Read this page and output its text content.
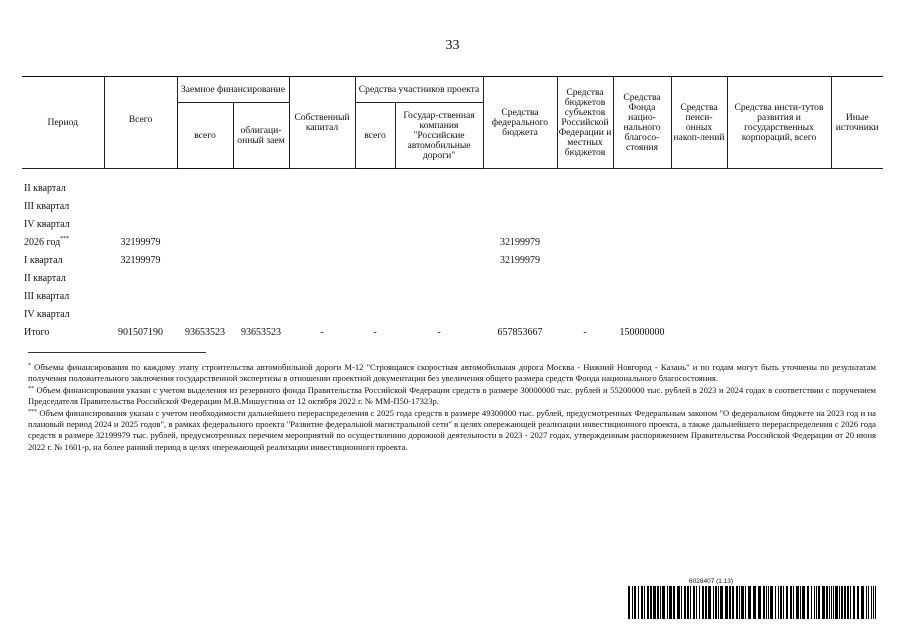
33
Период	Всего	Заемное финансирование		Собственный капитал	Средства участников проекта		Средства федерального бюджета	Средства бюджетов субъектов Российской Федерации и местных бюджетов	Средства Фонда нацио-нального благосо-стояния	Средства пенси-онных накоп-лений	Средства инсти-тутов развития и государственных корпораций, всего	Иные источники
		всего	облигаци-онный заем		всего	Государ-ственная компания "Российские автомобильные дороги"						
II квартал												
III квартал												
IV квартал												
2026 год***	32199979						32199979					
I квартал	32199979						32199979					
II квартал												
III квартал												
IV квартал												
Итого	901507190	93653523	93653523	-	-	-	657853667	-	150000000			

* Объемы финансирования по каждому этапу строительства автомобильной дороги М-12 "Строящаяся скоростная автомобильная дорога Москва - Нижний Новгород - Казань" и по годам могут быть уточнены по результатам получения положительного заключения государственной экспертизы в отношении проектной документации без увеличения общего размера средств Фонда национального благосостояния.

** Объем финансирования указан с учетом выделения из резервного фонда Правительства Российской Федерации средств в размере 30000000 тыс. рублей и 55200000 тыс. рублей в 2023 и 2024 годах в соответствии с поручением Председателя Правительства Российской Федерации М.В.Мишустина от 12 октября 2022 г. № ММ-П50-17323р.

*** Объем финансирования указан с учетом необходимости дальнейшего перераспределения с 2025 года средств в размере 49300000 тыс. рублей, предусмотренных Федеральным законом "О федеральном бюджете на 2023 год и на плановый период 2024 и 2025 годов", в рамках федерального проекта "Развитие федеральной магистральной сети" в целях опережающей реализации инвестиционного проекта, а также дальнейшего перераспределения с 2026 года средств в размере 32199979 тыс. рублей, предусмотренных перечнем мероприятий по осуществлению дорожной деятельности в 2023 - 2027 годах, утвержденным распоряжением Правительства Российской Федерации от 20 июня 2022 г. № 1601-р, на более ранний период в целях опережающей реализации инвестиционного проекта.

6028407 (1.13)
